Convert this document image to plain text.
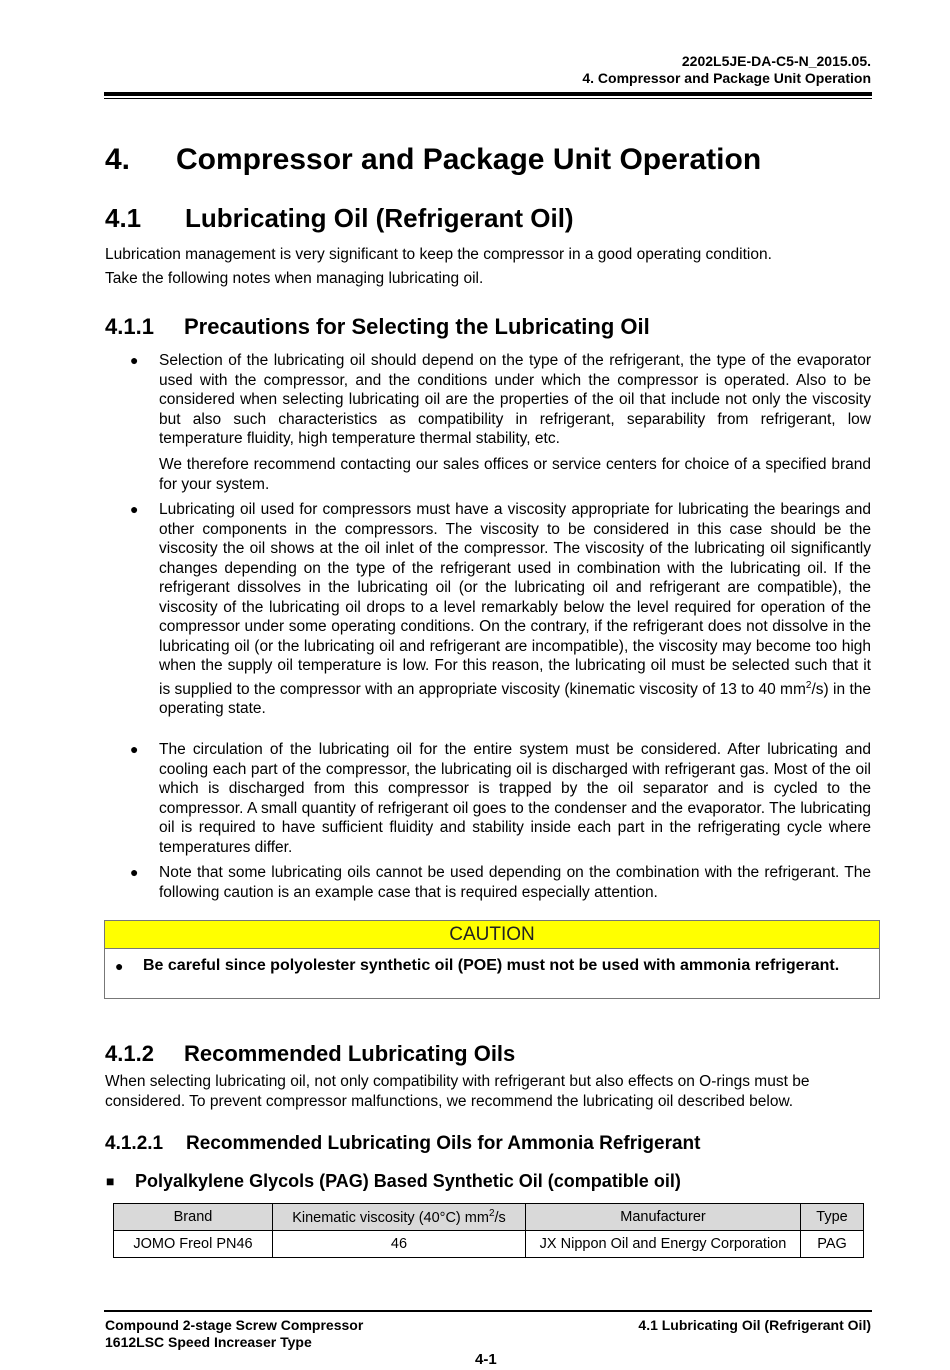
2202L5JE-DA-C5-N_2015.05.
4. Compressor and Package Unit Operation
4. Compressor and Package Unit Operation
4.1 Lubricating Oil (Refrigerant Oil)

Lubrication management is very significant to keep the compressor in a good operating condition.

Take the following notes when managing lubricating oil.

4.1.1 Precautions for Selecting the Lubricating Oil
● Selection of the lubricating oil should depend on the type of the refrigerant, the type of the evaporator used with the compressor, and the conditions under which the compressor is operated. Also to be considered when selecting lubricating oil are the properties of the oil that include not only the viscosity but also such characteristics as compatibility in refrigerant, separability from refrigerant, low temperature fluidity, high temperature thermal stability, etc.

We therefore recommend contacting our sales offices or service centers for choice of a specified brand for your system.

● Lubricating oil used for compressors must have a viscosity appropriate for lubricating the bearings and other components in the compressors. The viscosity to be considered in this case should be the viscosity the oil shows at the oil inlet of the compressor. The viscosity of the lubricating oil significantly changes depending on the type of the refrigerant used in combination with the lubricating oil. If the refrigerant dissolves in the lubricating oil (or the lubricating oil and refrigerant are compatible), the viscosity of the lubricating oil drops to a level remarkably below the level required for operation of the compressor under some operating conditions. On the contrary, if the refrigerant does not dissolve in the lubricating oil (or the lubricating oil and refrigerant are incompatible), the viscosity may become too high when the supply oil temperature is low. For this reason, the lubricating oil must be selected such that it is supplied to the compressor with an appropriate viscosity (kinematic viscosity of 13 to 40 $mm^2/s$) in the operating state.

● The circulation of the lubricating oil for the entire system must be considered. After lubricating and cooling each part of the compressor, the lubricating oil is discharged with refrigerant gas. Most of the oil which is discharged from this compressor is trapped by the oil separator and is cycled to the compressor. A small quantity of refrigerant oil goes to the condenser and the evaporator. The lubricating oil is required to have sufficient fluidity and stability inside each part in the refrigerating cycle where temperatures differ.

● Note that some lubricating oils cannot be used depending on the combination with the refrigerant. The following caution is an example case that is required especially attention.

CAUTION
● Be careful since polyolester synthetic oil (POE) must not be used with ammonia refrigerant.

4.1.2 Recommended Lubricating Oils

When selecting lubricating oil, not only compatibility with refrigerant but also effects on O-rings must be considered. To prevent compressor malfunctions, we recommend the lubricating oil described below.

4.1.2.1 Recommended Lubricating Oils for Ammonia Refrigerant
■ Polyalkylene Glycols (PAG) Based Synthetic Oil (compatible oil)
Brand	Kinematic viscosity (40°C) $mm^2/s$	Manufacturer	Type
JOMO Freol PN46	46	JX Nippon Oil and Energy Corporation	PAG
Compound 2-stage Screw Compressor
1612LSC Speed Increaser Type
4.1 Lubricating Oil (Refrigerant Oil)
4-1
